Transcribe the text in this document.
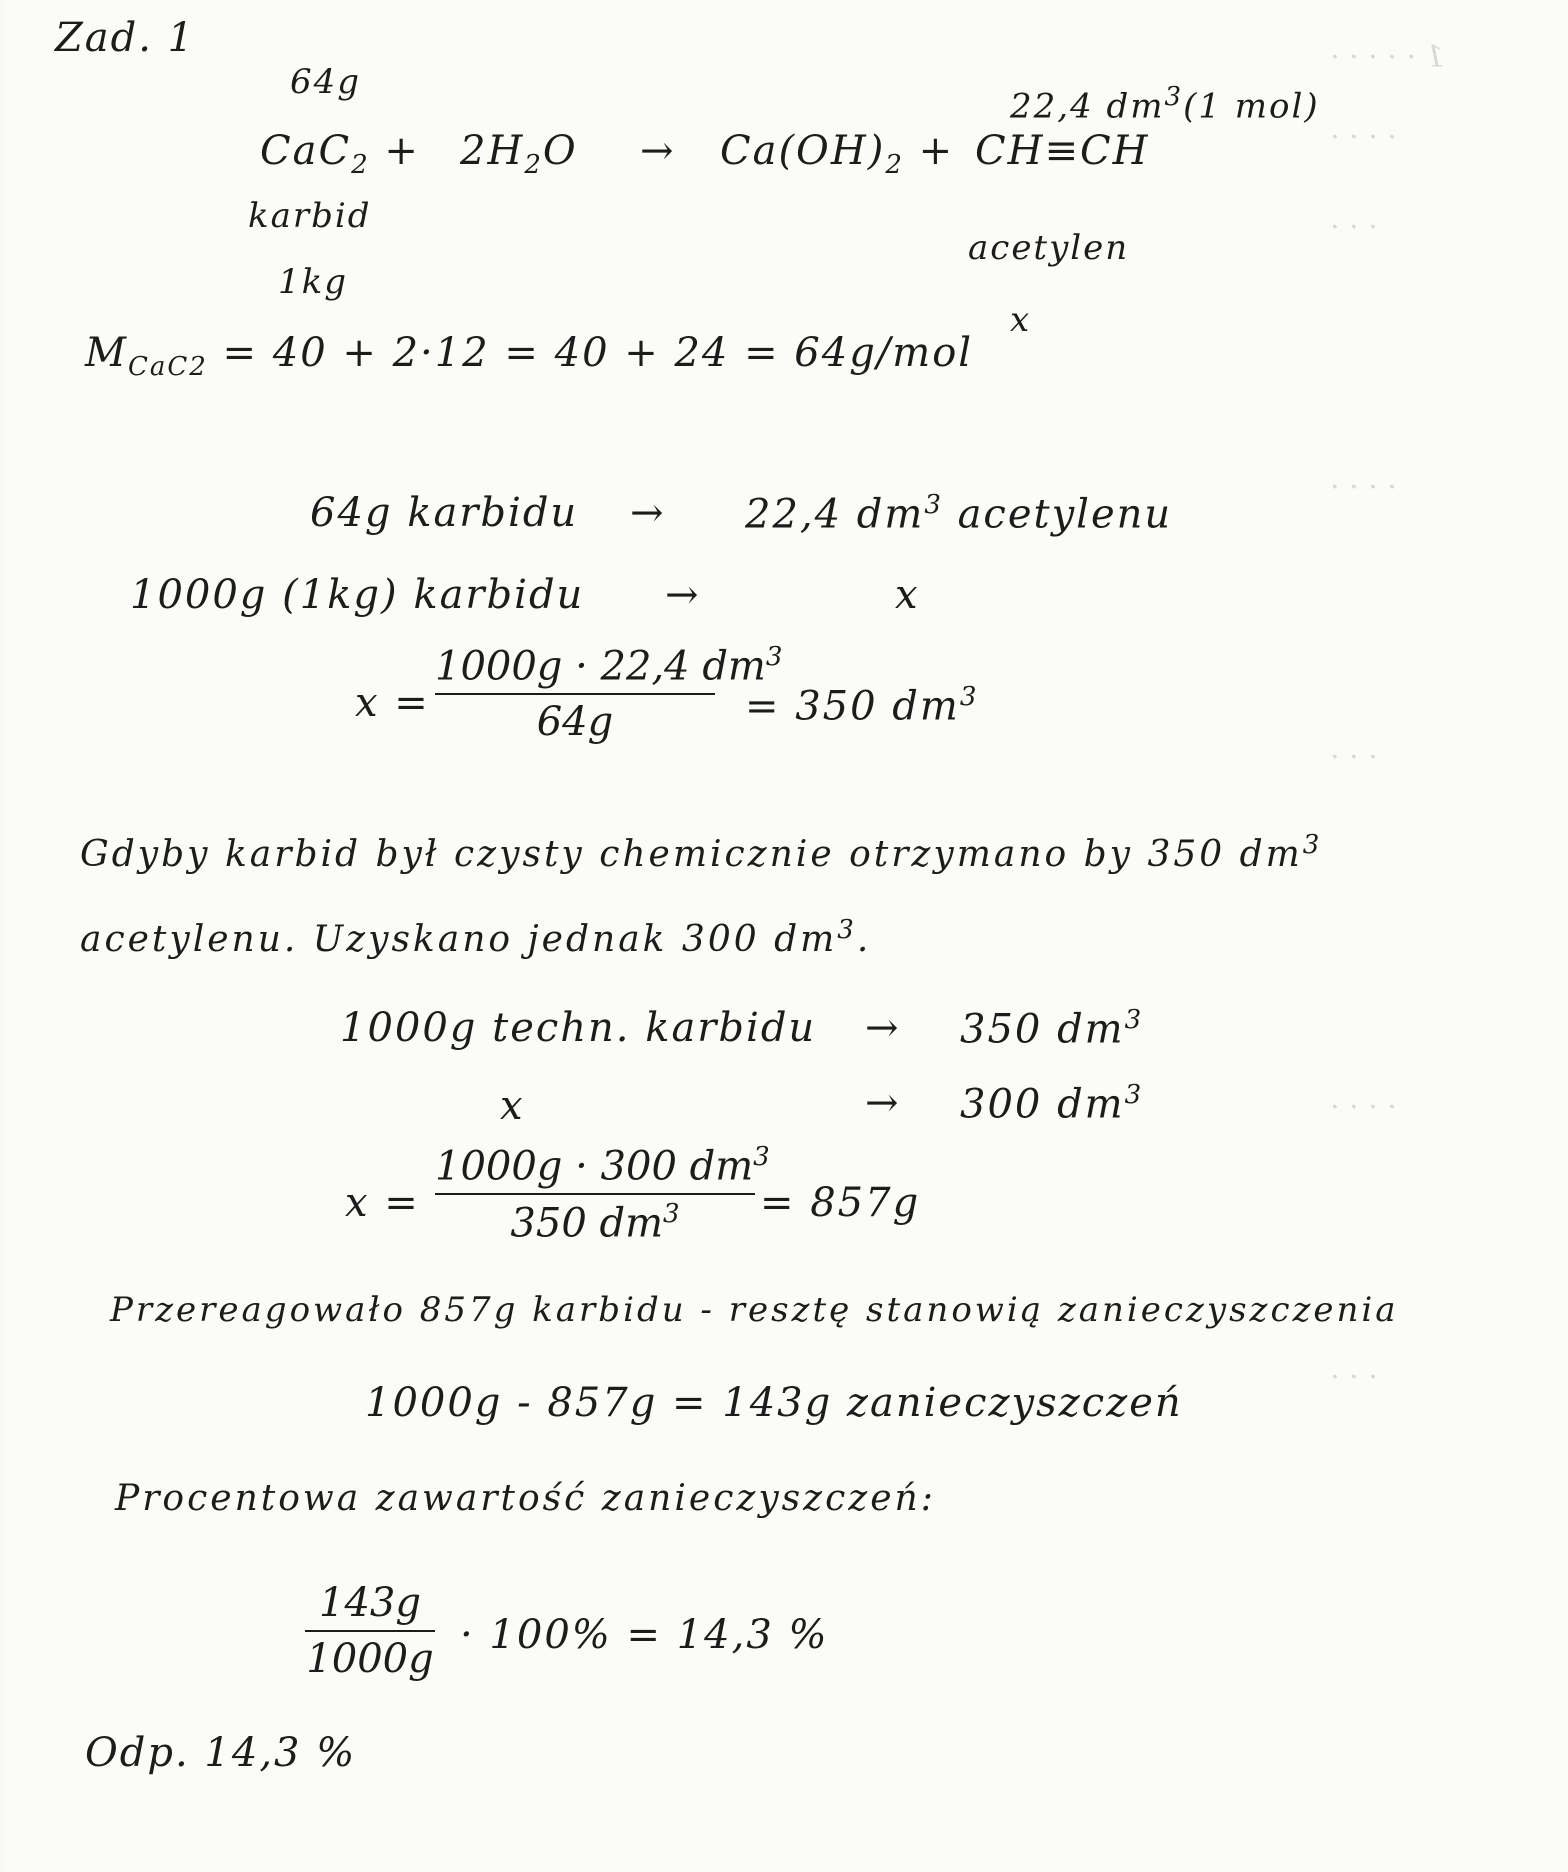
1 · · · · ·
· · · ·
· · ·
· · · ·
· · ·
· · · ·
· · ·
Zad. 1
64g
$CaC_2 + 2H_2O \to Ca(OH)_2 + CH\equiv CH$
22,4 $dm^3(1$ mol)
karbid
1kg
acetylen
x
$M_{CaC2} = 40 + 2\cdot 12 = 40 + 24 = 64g/mol$
64g karbidu → 22,4 $dm^3$ acetylenu
1000g (1kg) karbidu →	x
x =
1000g · 22,4 $dm^3$
64g	= 350 $dm^3$
Gdyby karbid był czysty chemicznie otrzymano by 350 $dm^3$
acetylenu. Uzyskano jednak 300 $dm^3$.
1000g techn. karbidu → 350 $dm^3$
x	→ 300 $dm^3$
x =
1000g · 300 $dm^3$
350 $dm^3$	= 857g
Przereagowało 857g karbidu - resztę stanowią zanieczyszczenia
1000g - 857g = 143g zanieczyszczeń
Procentowa zawartość zanieczyszczeń:
143g
1000g
· 100% = 14,3 %
Odp. 14,3 %
